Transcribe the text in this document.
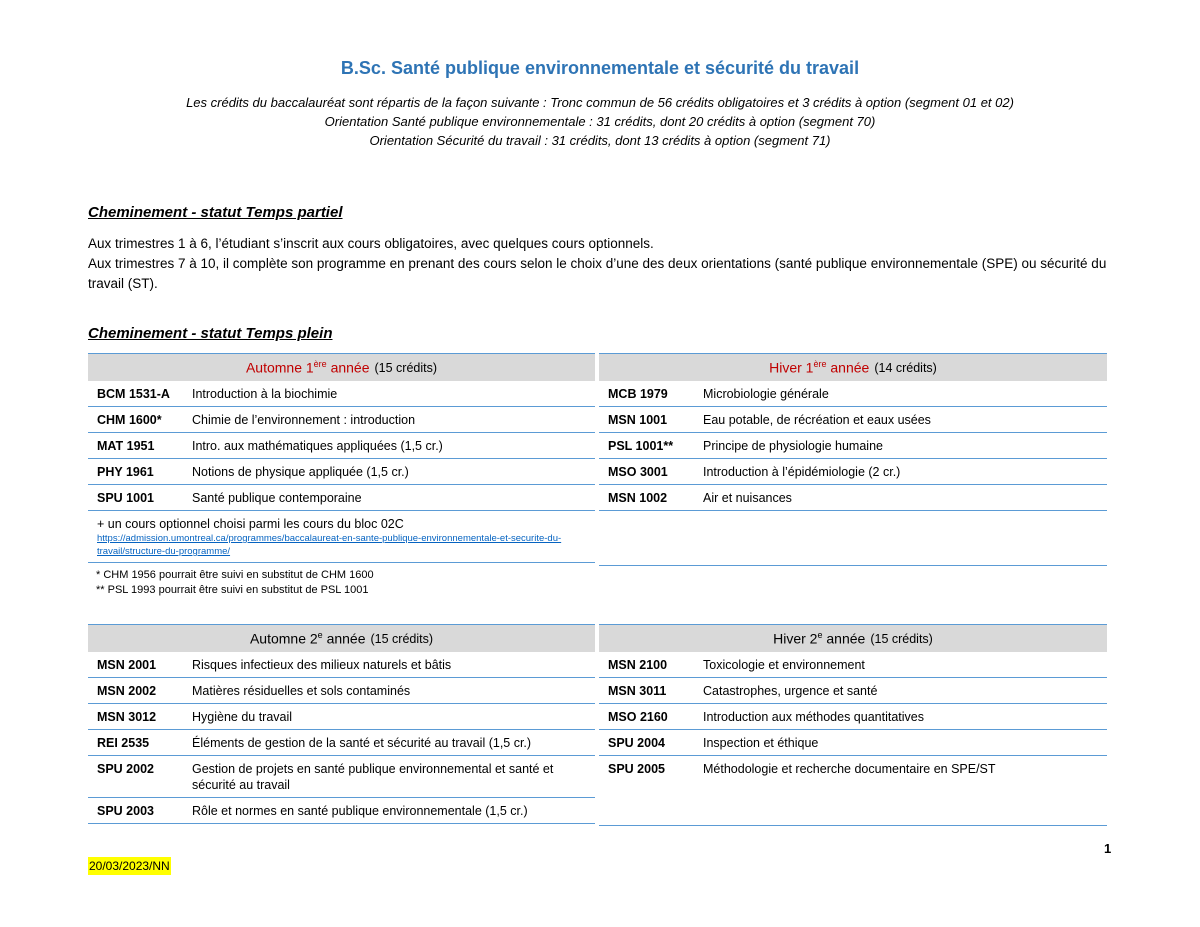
B.Sc. Santé publique environnementale et sécurité du travail
Les crédits du baccalauréat sont répartis de la façon suivante : Tronc commun de 56 crédits obligatoires et 3 crédits à option (segment 01 et 02)
Orientation Santé publique environnementale : 31 crédits, dont 20 crédits à option (segment 70)
Orientation Sécurité du travail : 31 crédits, dont 13 crédits à option (segment 71)
Cheminement - statut Temps partiel
Aux trimestres 1 à 6, l’étudiant s’inscrit aux cours obligatoires, avec quelques cours optionnels.
Aux trimestres 7 à 10, il complète son programme en prenant des cours selon le choix d’une des deux orientations (santé publique environnementale (SPE) ou sécurité du travail (ST).
Cheminement - statut Temps plein
Automne 1ère année (15 crédits)
BCM 1531-A	Introduction à la biochimie
CHM 1600*	Chimie de l’environnement : introduction
MAT 1951	Intro. aux mathématiques appliquées (1,5 cr.)
PHY 1961	Notions de physique appliquée (1,5 cr.)
SPU 1001	Santé publique contemporaine
+ un cours optionnel choisi parmi les cours du bloc 02C
https://admission.umontreal.ca/programmes/baccalaureat-en-sante-publique-environnementale-et-securite-du-travail/structure-du-programme/
Hiver 1ère année (14 crédits)
MCB 1979	Microbiologie générale
MSN 1001	Eau potable, de récréation et eaux usées
PSL 1001**	Principe de physiologie humaine
MSO 3001	Introduction à l’épidémiologie (2 cr.)
MSN 1002	Air et nuisances
* CHM 1956 pourrait être suivi en substitut de CHM 1600
** PSL 1993 pourrait être suivi en substitut de PSL 1001
Automne 2e année (15 crédits)
MSN 2001	Risques infectieux des milieux naturels et bâtis
MSN 2002	Matières résiduelles et sols contaminés
MSN 3012	Hygiène du travail
REI 2535	Éléments de gestion de la santé et sécurité au travail (1,5 cr.)
SPU 2002	Gestion de projets en santé publique environnemental et santé et sécurité au travail
SPU 2003	Rôle et normes en santé publique environnementale (1,5 cr.)
Hiver 2e année (15 crédits)
MSN 2100	Toxicologie et environnement
MSN 3011	Catastrophes, urgence et santé
MSO 2160	Introduction aux méthodes quantitatives
SPU 2004	Inspection et éthique
SPU 2005	Méthodologie et recherche documentaire en SPE/ST
1
20/03/2023/NN
